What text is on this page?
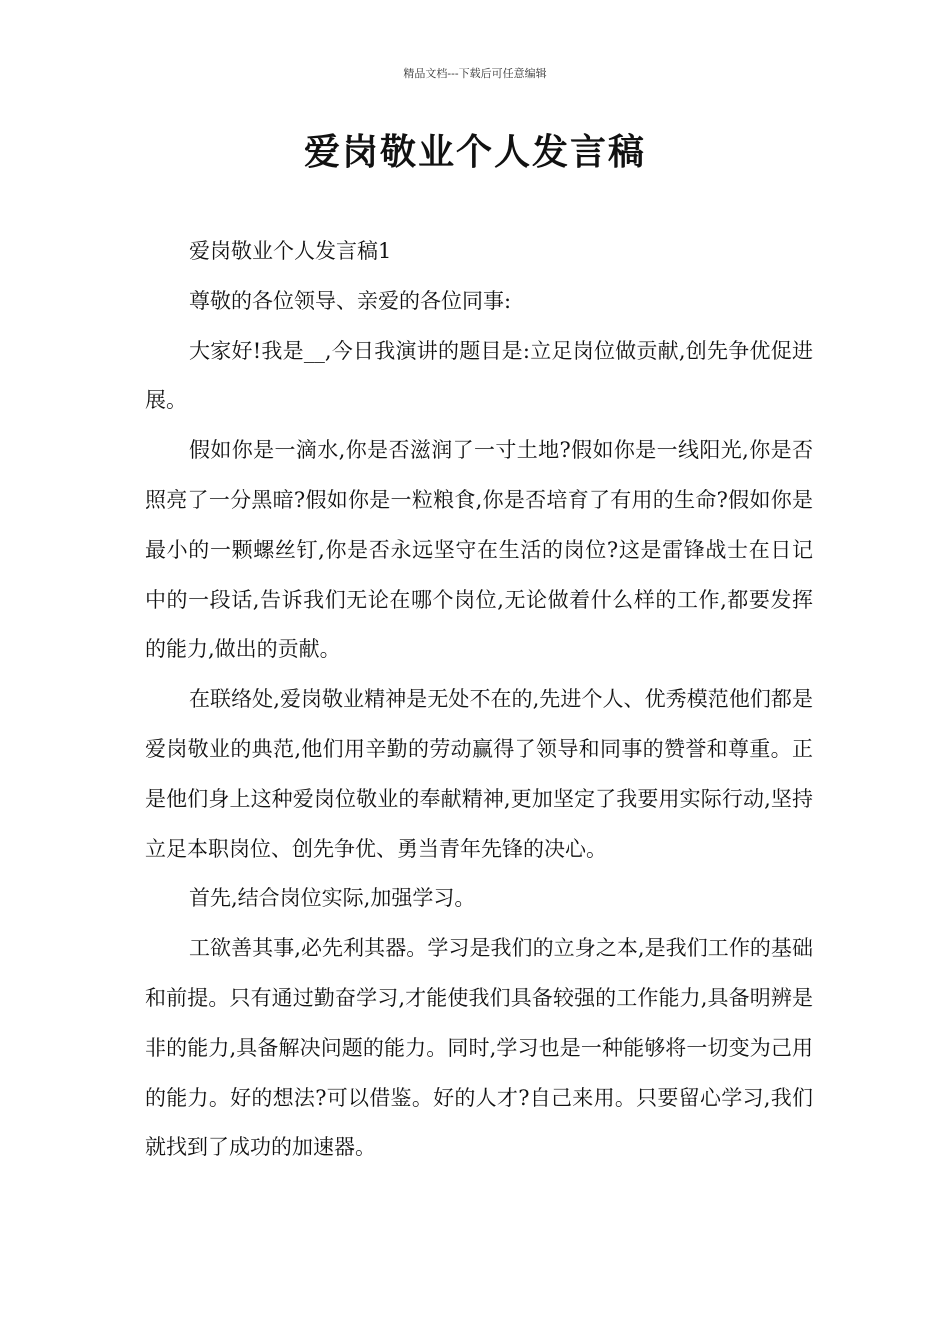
精品文档---下载后可任意编辑
爱岗敬业个人发言稿

爱岗敬业个人发言稿1

尊敬的各位领导、亲爱的各位同事:

大家好!我是__,今日我演讲的题目是:立足岗位做贡献,创先争优促进展。

假如你是一滴水,你是否滋润了一寸土地?假如你是一线阳光,你是否照亮了一分黑暗?假如你是一粒粮食,你是否培育了有用的生命?假如你是最小的一颗螺丝钉,你是否永远坚守在生活的岗位?这是雷锋战士在日记中的一段话,告诉我们无论在哪个岗位,无论做着什么样的工作,都要发挥的能力,做出的贡献。

在联络处,爱岗敬业精神是无处不在的,先进个人、优秀模范他们都是爱岗敬业的典范,他们用辛勤的劳动赢得了领导和同事的赞誉和尊重。正是他们身上这种爱岗位敬业的奉献精神,更加坚定了我要用实际行动,坚持立足本职岗位、创先争优、勇当青年先锋的决心。

首先,结合岗位实际,加强学习。

工欲善其事,必先利其器。学习是我们的立身之本,是我们工作的基础和前提。只有通过勤奋学习,才能使我们具备较强的工作能力,具备明辨是非的能力,具备解决问题的能力。同时,学习也是一种能够将一切变为己用的能力。好的想法?可以借鉴。好的人才?自己来用。只要留心学习,我们就找到了成功的加速器。
